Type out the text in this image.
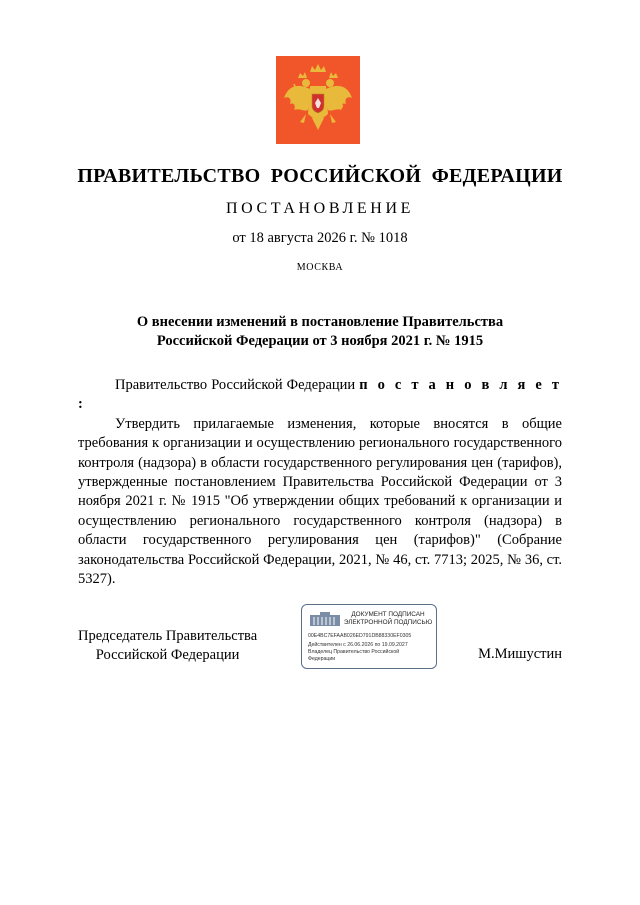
ПРАВИТЕЛЬСТВО РОССИЙСКОЙ ФЕДЕРАЦИИ
ПОСТАНОВЛЕНИЕ
от 18 августа 2026 г. № 1018
МОСКВА
О внесении изменений в постановление Правительства
Российской Федерации от 3 ноября 2021 г. № 1915

Правительство Российской Федерации п о с т а н о в л я е т :

Утвердить прилагаемые изменения, которые вносятся в общие требования к организации и осуществлению регионального государственного контроля (надзора) в области государственного регулирования цен (тарифов), утвержденные постановлением Правительства Российской Федерации от 3 ноября 2021 г. № 1915 "Об утверждении общих требований к организации и осуществлению регионального государственного контроля (надзора) в области государственного регулирования цен (тарифов)" (Собрание законодательства Российской Федерации, 2021, № 46, ст. 7713; 2025, № 36, ст. 5327).

Председатель Правительства
Российской Федерации
ДОКУМЕНТ ПОДПИСАН
ЭЛЕКТРОННОЙ ПОДПИСЬЮ
00E4BC7EFAAB026ED791DB88330EF0305
Действителен с 26.06.2026 по 19.09.2027
Владелец Правительство Российской
Федерации	М.Мишустин
